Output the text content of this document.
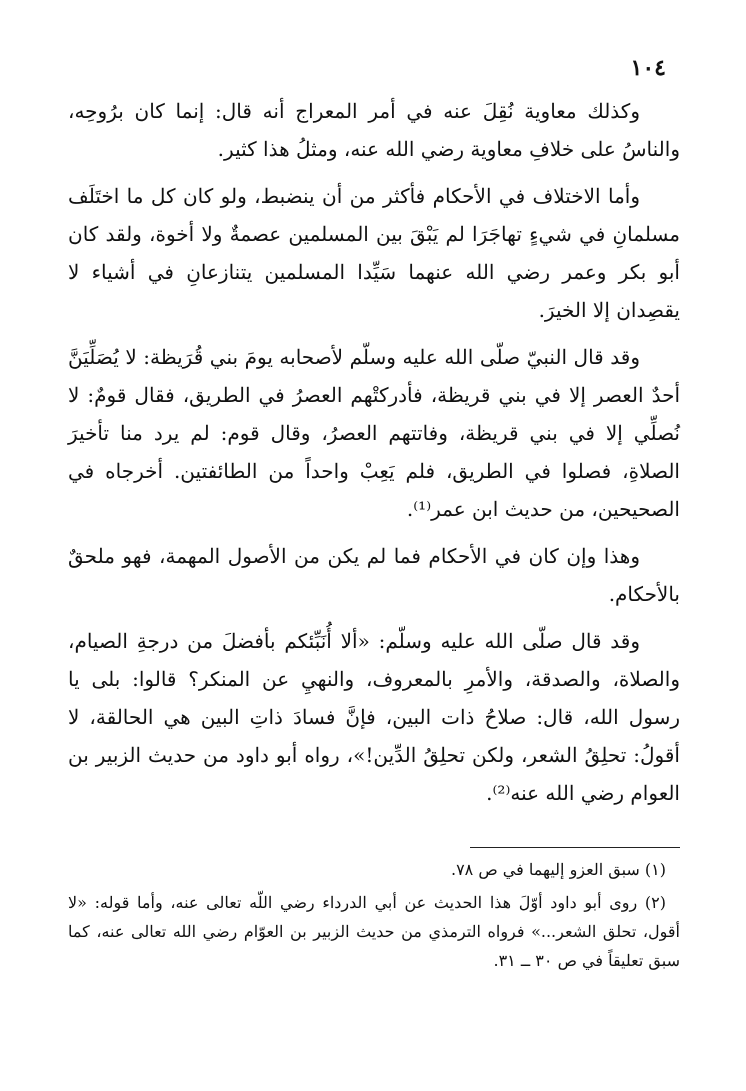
١٠٤

وكذلك معاوية نُقِلَ عنه في أمر المعراج أنه قال: إنما كان برُوحِه، والناسُ على خلافِ معاوية رضي الله عنه، ومثلُ هذا كثير.

وأما الاختلاف في الأحكام فأكثر من أن ينضبط، ولو كان كل ما اختَلَف مسلمانِ في شيءٍ تهاجَرَا لم يَبْقَ بين المسلمين عصمةٌ ولا أخوة، ولقد كان أبو بكر وعمر رضي الله عنهما سَيِّدا المسلمين يتنازعانِ في أشياء لا يقصِدان إلا الخيرَ.

وقد قال النبيّ صلّى الله عليه وسلّم لأصحابه يومَ بني قُرَيظة: لا يُصَلِّيَنَّ أحدٌ العصر إلا في بني قريظة، فأدركتْهم العصرُ في الطريق، فقال قومٌ: لا نُصلِّي إلا في بني قريظة، وفاتتهم العصرُ، وقال قوم: لم يرد منا تأخيرَ الصلاةِ، فصلوا في الطريق، فلم يَعِبْ واحداً من الطائفتين. أخرجاه في الصحيحين، من حديث ابن عمر⁽¹⁾.

وهذا وإن كان في الأحكام فما لم يكن من الأصول المهمة، فهو ملحقٌ بالأحكام.

وقد قال صلّى الله عليه وسلّم: «ألا أُنَبِّئكم بأفضلَ من درجةِ الصيام، والصلاة، والصدقة، والأمرِ بالمعروف، والنهيِ عن المنكر؟ قالوا: بلى يا رسول الله، قال: صلاحُ ذات البين، فإنَّ فسادَ ذاتِ البين هي الحالقة، لا أقولُ: تحلِقُ الشعر، ولكن تحلِقُ الدِّين!»، رواه أبو داود من حديث الزبير بن العوام رضي الله عنه⁽²⁾.

(١) سبق العزو إليهما في ص ٧٨.

(٢) روى أبو داود أوّلَ هذا الحديث عن أبي الدرداء رضي اللّه تعالى عنه، وأما قوله: «لا أقول، تحلق الشعر...» فرواه الترمذي من حديث الزبير بن العوّام رضي الله تعالى عنه، كما سبق تعليقاً في ص ٣٠ ــ ٣١.
